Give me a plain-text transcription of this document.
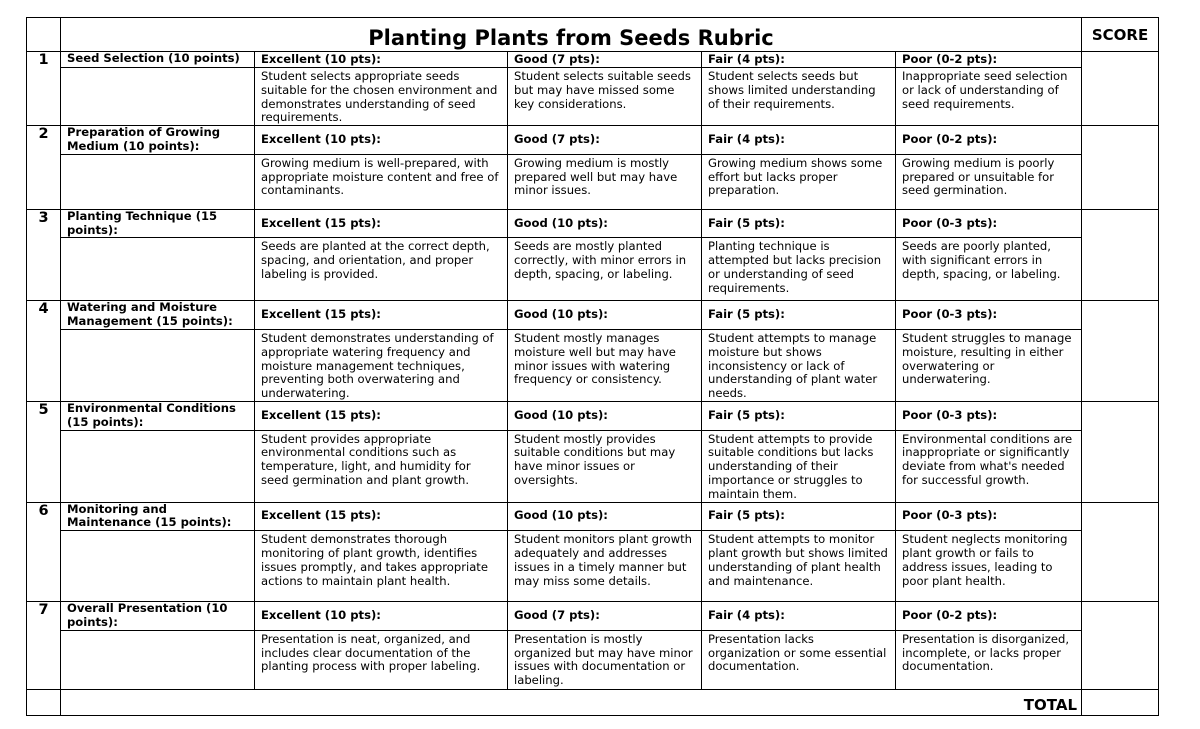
	Planting Plants from Seeds Rubric					SCORE
1	Seed Selection (10 points)	Excellent (10 pts):	Good (7 pts):	Fair (4 pts):	Poor (0-2 pts):	
		Student selects appropriate seeds suitable for the chosen environment and demonstrates understanding of seed requirements.	Student selects suitable seeds but may have missed some key considerations.	Student selects seeds but shows limited understanding of their requirements.	Inappropriate seed selection or lack of understanding of seed requirements.	
2	Preparation of Growing Medium (10 points):	Excellent (10 pts):	Good (7 pts):	Fair (4 pts):	Poor (0-2 pts):	
		Growing medium is well-prepared, with appropriate moisture content and free of contaminants.	Growing medium is mostly prepared well but may have minor issues.	Growing medium shows some effort but lacks proper preparation.	Growing medium is poorly prepared or unsuitable for seed germination.	
3	Planting Technique (15 points):	Excellent (15 pts):	Good (10 pts):	Fair (5 pts):	Poor (0-3 pts):	
		Seeds are planted at the correct depth, spacing, and orientation, and proper labeling is provided.	Seeds are mostly planted correctly, with minor errors in depth, spacing, or labeling.	Planting technique is attempted but lacks precision or understanding of seed requirements.	Seeds are poorly planted, with significant errors in depth, spacing, or labeling.	
4	Watering and Moisture Management (15 points):	Excellent (15 pts):	Good (10 pts):	Fair (5 pts):	Poor (0-3 pts):	
		Student demonstrates understanding of appropriate watering frequency and moisture management techniques, preventing both overwatering and underwatering.	Student mostly manages moisture well but may have minor issues with watering frequency or consistency.	Student attempts to manage moisture but shows inconsistency or lack of understanding of plant water needs.	Student struggles to manage moisture, resulting in either overwatering or underwatering.	
5	Environmental Conditions (15 points):	Excellent (15 pts):	Good (10 pts):	Fair (5 pts):	Poor (0-3 pts):	
		Student provides appropriate environmental conditions such as temperature, light, and humidity for seed germination and plant growth.	Student mostly provides suitable conditions but may have minor issues or oversights.	Student attempts to provide suitable conditions but lacks understanding of their importance or struggles to maintain them.	Environmental conditions are inappropriate or significantly deviate from what's needed for successful growth.	
6	Monitoring and Maintenance (15 points):	Excellent (15 pts):	Good (10 pts):	Fair (5 pts):	Poor (0-3 pts):	
		Student demonstrates thorough monitoring of plant growth, identifies issues promptly, and takes appropriate actions to maintain plant health.	Student monitors plant growth adequately and addresses issues in a timely manner but may miss some details.	Student attempts to monitor plant growth but shows limited understanding of plant health and maintenance.	Student neglects monitoring plant growth or fails to address issues, leading to poor plant health.	
7	Overall Presentation (10 points):	Excellent (10 pts):	Good (7 pts):	Fair (4 pts):	Poor (0-2 pts):	
		Presentation is neat, organized, and includes clear documentation of the planting process with proper labeling.	Presentation is mostly organized but may have minor issues with documentation or labeling.	Presentation lacks organization or some essential documentation.	Presentation is disorganized, incomplete, or lacks proper documentation.	
	TOTAL					
